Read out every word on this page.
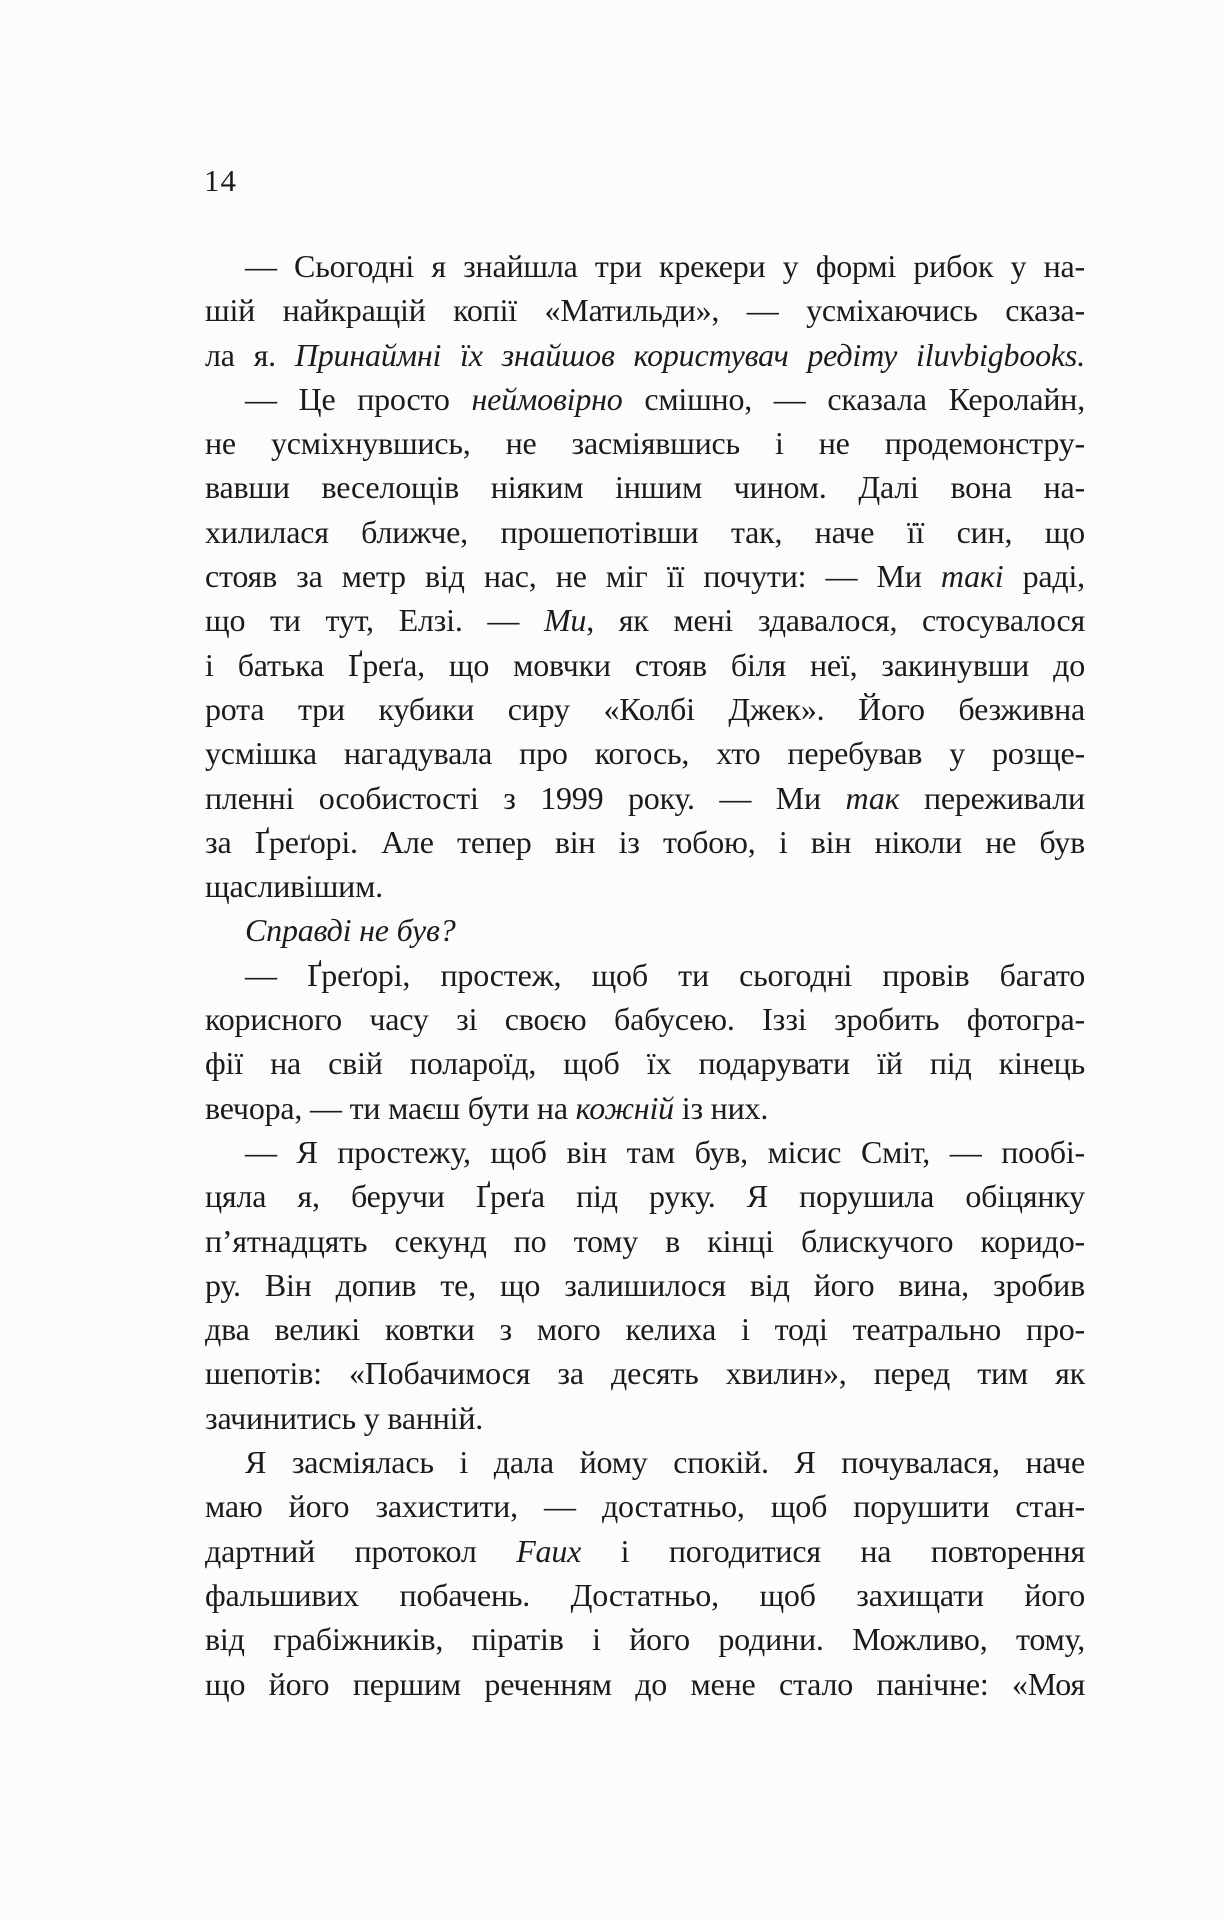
14
— Сьогодні я знайшла три крекери у формі рибок у на-
шій найкращій копії «Матильди», — усміхаючись сказа-
ла я. Принаймні їх знайшов користувач редіту iluvbigbooks.
— Це просто неймовірно смішно, — сказала Керолайн,
не усміхнувшись, не засміявшись і не продемонстру-
вавши веселощів ніяким іншим чином. Далі вона на-
хилилася ближче, прошепотівши так, наче її син, що
стояв за метр від нас, не міг її почути: — Ми такі раді,
що ти тут, Елзі. — Ми, як мені здавалося, стосувалося
і батька Ґреґа, що мовчки стояв біля неї, закинувши до
рота три кубики сиру «Колбі Джек». Його безживна
усмішка нагадувала про когось, хто перебував у розще-
пленні особистості з 1999 року. — Ми так переживали
за Ґреґорі. Але тепер він із тобою, і він ніколи не був
щасливішим.
Справді не був?
— Ґреґорі, простеж, щоб ти сьогодні провів багато
корисного часу зі своєю бабусею. Іззі зробить фотогра-
фії на свій полароїд, щоб їх подарувати їй під кінець
вечора, — ти маєш бути на кожній із них.
— Я простежу, щоб він там був, місис Сміт, — пообі-
цяла я, беручи Ґреґа під руку. Я порушила обіцянку
п’ятнадцять секунд по тому в кінці блискучого коридо-
ру. Він допив те, що залишилося від його вина, зробив
два великі ковтки з мого келиха і тоді театрально про-
шепотів: «Побачимося за десять хвилин», перед тим як
зачинитись у ванній.
Я засміялась і дала йому спокій. Я почувалася, наче
маю його захистити, — достатньо, щоб порушити стан-
дартний протокол Faux і погодитися на повторення
фальшивих побачень. Достатньо, щоб захищати його
від грабіжників, піратів і його родини. Можливо, тому,
що його першим реченням до мене стало панічне: «Моя
